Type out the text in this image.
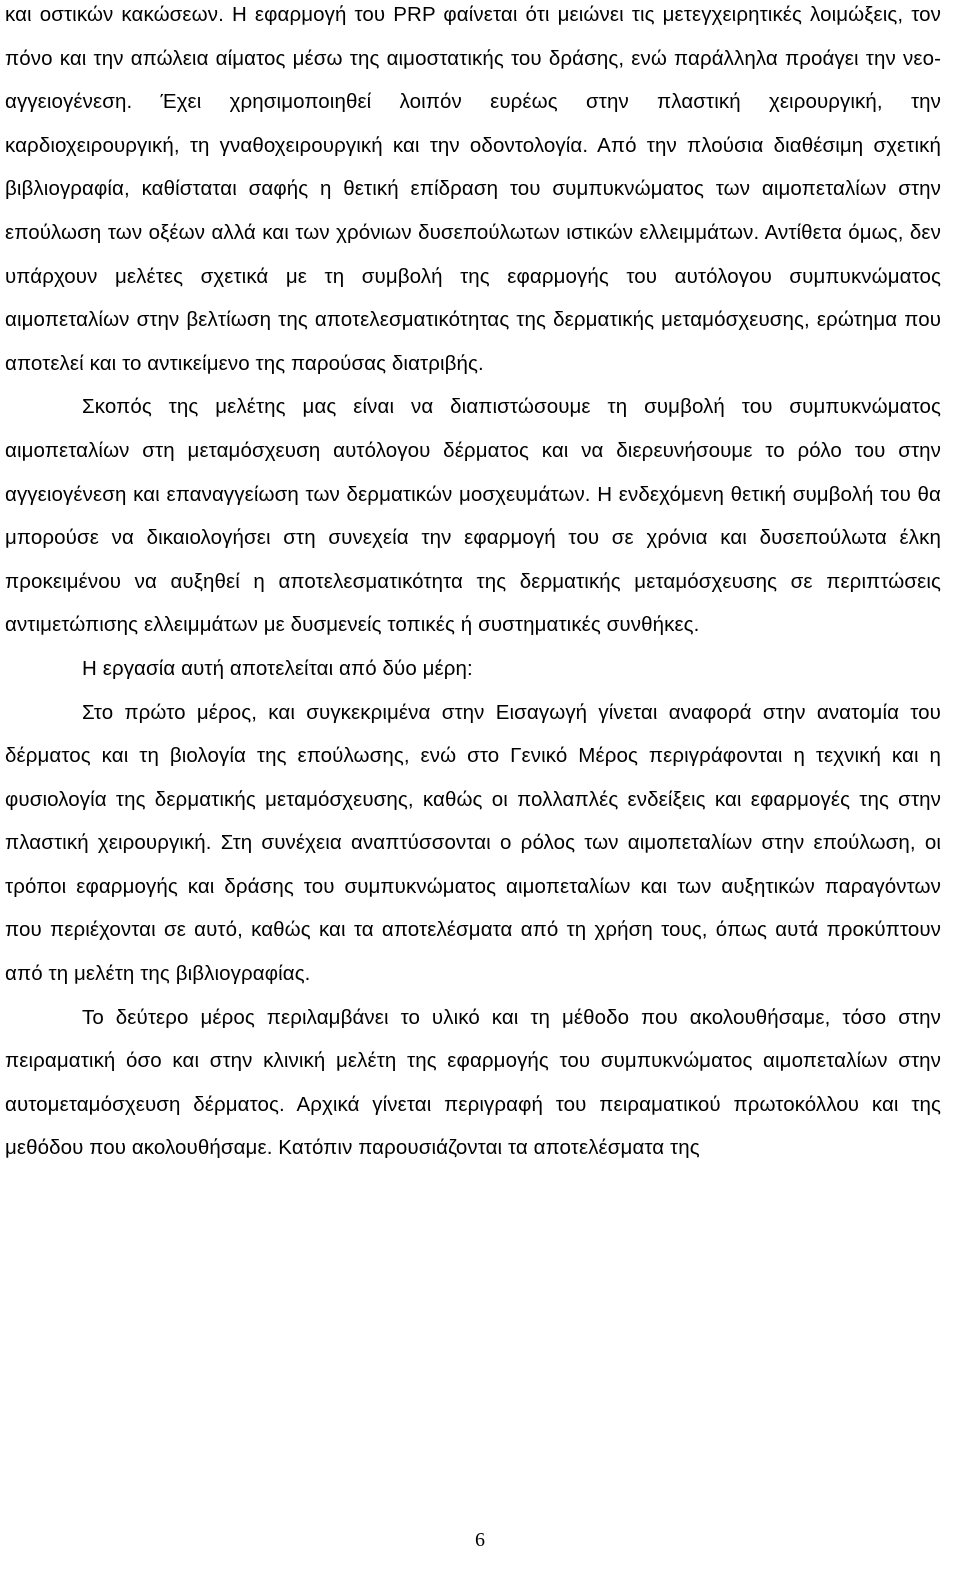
και οστικών κακώσεων. Η εφαρμογή του PRP φαίνεται ότι μειώνει τις μετεγχειρητικές λοιμώξεις, τον πόνο και την απώλεια αίματος μέσω της αιμοστατικής του δράσης, ενώ παράλληλα προάγει την νεο-αγγειογένεση. Έχει χρησιμοποιηθεί λοιπόν ευρέως στην πλαστική χειρουργική, την καρδιοχειρουργική, τη γναθοχειρουργική και την οδοντολογία. Από την πλούσια διαθέσιμη σχετική βιβλιογραφία, καθίσταται σαφής η θετική επίδραση του συμπυκνώματος των αιμοπεταλίων στην επούλωση των οξέων αλλά και των χρόνιων δυσεπούλωτων ιστικών ελλειμμάτων. Αντίθετα όμως, δεν υπάρχουν μελέτες σχετικά με τη συμβολή της εφαρμογής του αυτόλογου συμπυκνώματος αιμοπεταλίων στην βελτίωση της αποτελεσματικότητας της δερματικής μεταμόσχευσης, ερώτημα που αποτελεί και το αντικείμενο της παρούσας διατριβής.

Σκοπός της μελέτης μας είναι να διαπιστώσουμε τη συμβολή του συμπυκνώματος αιμοπεταλίων στη μεταμόσχευση αυτόλογου δέρματος και να διερευνήσουμε το ρόλο του στην αγγειογένεση και επαναγγείωση των δερματικών μοσχευμάτων. Η ενδεχόμενη θετική συμβολή του θα μπορούσε να δικαιολογήσει στη συνεχεία την εφαρμογή του σε χρόνια και δυσεπούλωτα έλκη προκειμένου να αυξηθεί η αποτελεσματικότητα της δερματικής μεταμόσχευσης σε περιπτώσεις αντιμετώπισης ελλειμμάτων με δυσμενείς τοπικές ή συστηματικές συνθήκες.

Η εργασία αυτή αποτελείται από δύο μέρη:

Στο πρώτο μέρος, και συγκεκριμένα στην Εισαγωγή γίνεται αναφορά στην ανατομία του δέρματος και τη βιολογία της επούλωσης, ενώ στο Γενικό Μέρος περιγράφονται η τεχνική και η φυσιολογία της δερματικής μεταμόσχευσης, καθώς οι πολλαπλές ενδείξεις και εφαρμογές της στην πλαστική χειρουργική. Στη συνέχεια αναπτύσσονται ο ρόλος των αιμοπεταλίων στην επούλωση, οι τρόποι εφαρμογής και δράσης του συμπυκνώματος αιμοπεταλίων και των αυξητικών παραγόντων που περιέχονται σε αυτό, καθώς και τα αποτελέσματα από τη χρήση τους, όπως αυτά προκύπτουν από τη μελέτη της βιβλιογραφίας.

Το δεύτερο μέρος περιλαμβάνει το υλικό και τη μέθοδο που ακολουθήσαμε, τόσο στην πειραματική όσο και στην κλινική μελέτη της εφαρμογής του συμπυκνώματος αιμοπεταλίων στην αυτομεταμόσχευση δέρματος. Αρχικά γίνεται περιγραφή του πειραματικού πρωτοκόλλου και της μεθόδου που ακολουθήσαμε. Κατόπιν παρουσιάζονται τα αποτελέσματα της

6
